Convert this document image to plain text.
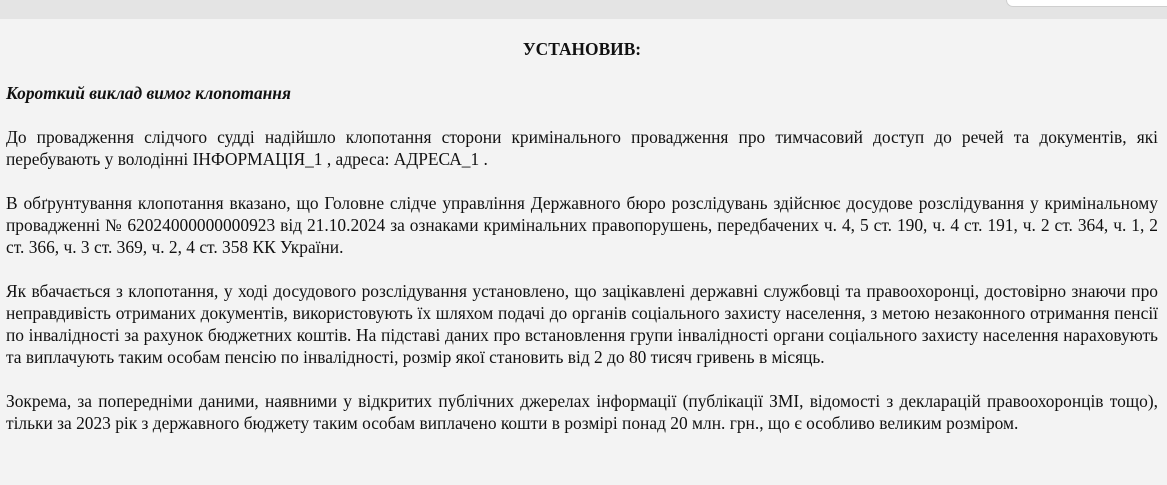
УСТАНОВИВ:

Короткий виклад вимог клопотання

До провадження слідчого судді надійшло клопотання сторони кримінального провадження про тимчасовий доступ до речей та документів, які перебувають у володінні ІНФОРМАЦІЯ_1 , адреса: АДРЕСА_1 .

В обґрунтування клопотання вказано, що Головне слідче управління Державного бюро розслідувань здійснює досудове розслідування у кримінальному провадженні № 62024000000000923 від 21.10.2024 за ознаками кримінальних правопорушень, передбачених ч. 4, 5 ст. 190, ч. 4 ст. 191, ч. 2 ст. 364, ч. 1, 2 ст. 366, ч. 3 ст. 369, ч. 2, 4 ст. 358 КК України.

Як вбачається з клопотання, у ході досудового розслідування установлено, що зацікавлені державні службовці та правоохоронці, достовірно знаючи про неправдивість отриманих документів, використовують їх шляхом подачі до органів соціального захисту населення, з метою незаконного отримання пенсії по інвалідності за рахунок бюджетних коштів. На підставі даних про встановлення групи інвалідності органи соціального захисту населення нараховують та виплачують таким особам пенсію по інвалідності, розмір якої становить від 2 до 80 тисяч гривень в місяць.

Зокрема, за попередніми даними, наявними у відкритих публічних джерелах інформації (публікації ЗМІ, відомості з декларацій правоохоронців тощо), тільки за 2023 рік з державного бюджету таким особам виплачено кошти в розмірі понад 20 млн. грн., що є особливо великим розміром.
